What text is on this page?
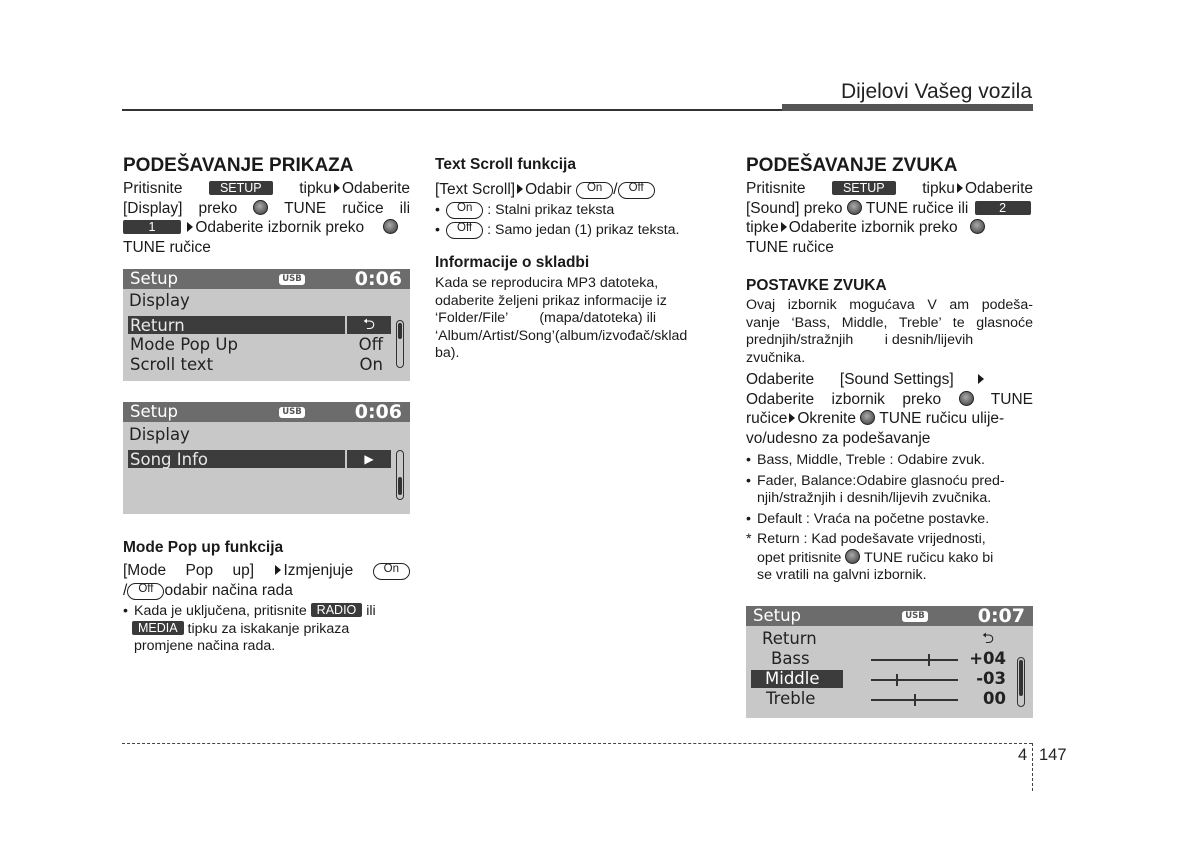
Dijelovi Vašeg vozila
PODEŠAVANJE PRIKAZA

Pritisnite	SETUP tipku Odaberite

[Display] preko	TUNE ručice ili

1	Odaberite izbornik preko

TUNE ručice

Setup	USB	0:06
Display
Return	⮌
Mode Pop Up	Off
Scroll text	On
Setup	USB	0:06
Display
Song Info	▶
Mode Pop up funkcija

[Mode Pop up] Izmjenjuje	On

/ Off odabir načina rada

• Kada je uključena, pritisnite RADIO ili
MEDIA tipku za iskakanje prikaza
promjene načina rada.
Text Scroll funkcija

[Text Scroll] Odabir On / Off

• On : Stalni prikaz teksta
• Off : Samo jedan (1) prikaz teksta.
Informacije o skladbi

Kada se reproducira MP3 datoteka,

odaberite željeni prikaz informacije iz

‘Folder/File’        (mapa/datoteka) ili

‘Album/Artist/Song’(album/izvođač/sklad

ba).

PODEŠAVANJE ZVUKA

Pritisnite	SETUP tipku Odaberite

[Sound] preko TUNE ručice ili 2

tipke Odaberite izbornik preko

TUNE ručice

POSTAVKE ZVUKA

Ovaj izbornik mogućava V am podeša-

vanje ‘Bass, Middle, Treble’ te glasnoće

prednjih/stražnjih        i desnih/lijevih

zvučnika.

Odaberite      [Sound Settings]

Odaberite izbornik preko	TUNE

ručice Okrenite TUNE ručicu ulije-

vo/udesno za podešavanje

• Bass, Middle, Treble : Odabire zvuk.
• Fader, Balance:Odabire glasnoću pred-
njih/stražnjih i desnih/lijevih zvučnika.
• Default : Vraća na početne postavke.
* Return : Kad podešavate vrijednosti,
opet pritisnite TUNE ručicu kako bi
se vratili na galvni izbornik.
Setup	USB	0:07
Return	⮌
Bass	+04
Middle	-03
Treble	00
4 147
